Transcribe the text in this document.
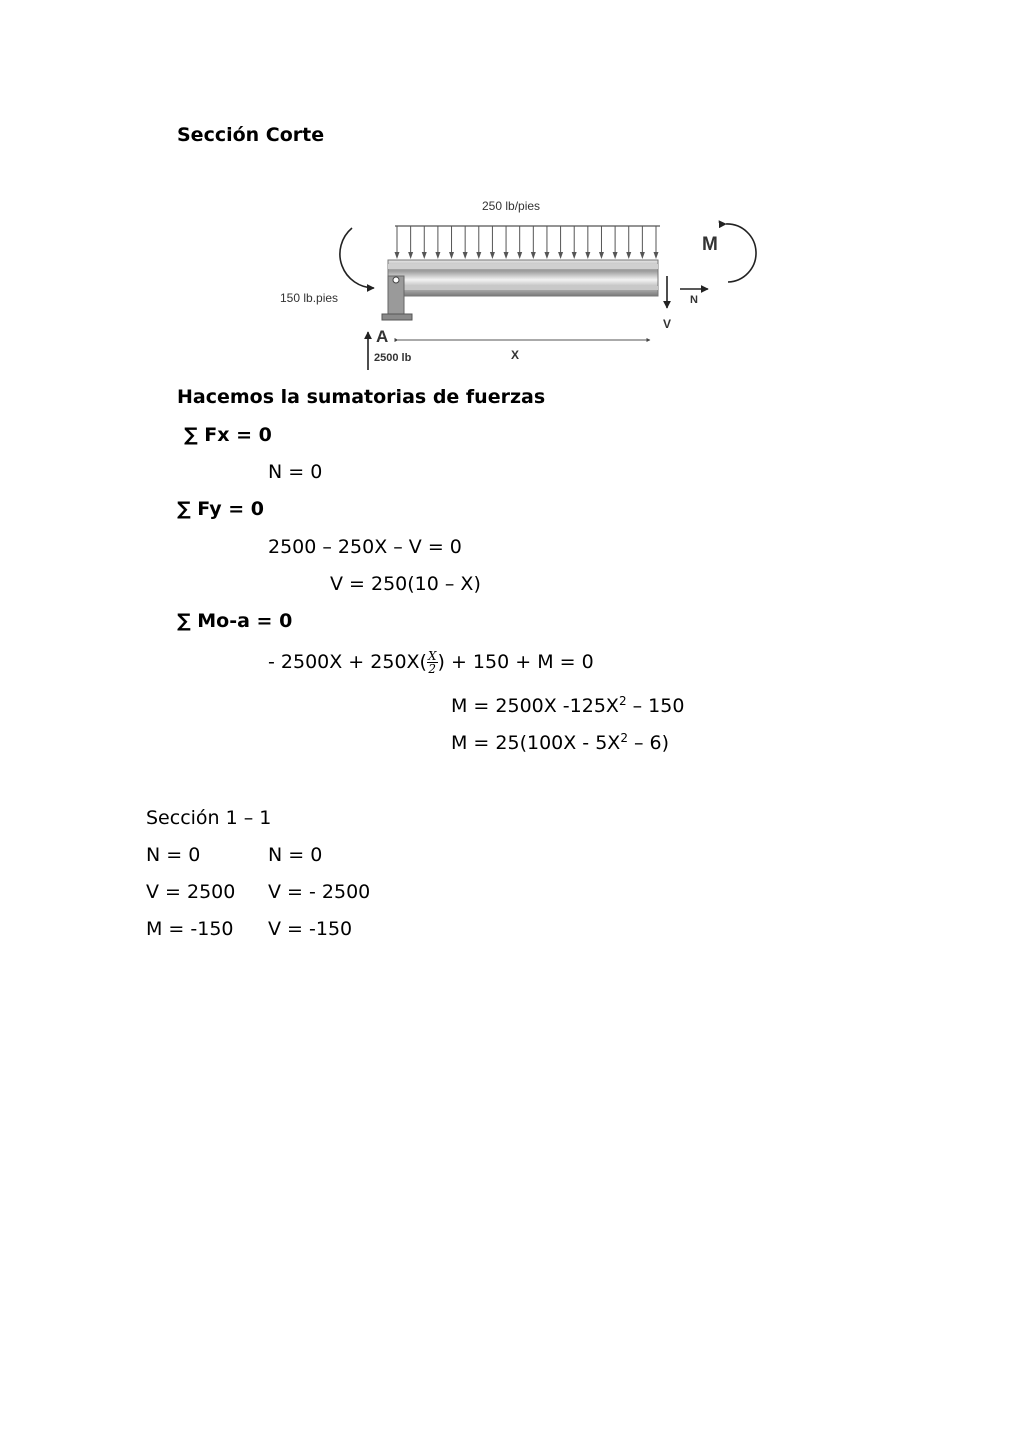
Sección Corte
250 lb/pies
150 lb.pies
V
N
M
A
2500 lb	X
Hacemos la sumatorias de fuerzas
∑ Fx = 0
N = 0
∑ Fy = 0
2500 – 250X – V = 0
V = 250(10 – X)
∑ Mo-a = 0
- $2500X + 250X( \frac{X}{2}$ ) + 150 + M = 0
M = 2500X $-125X^2 - 150$
$M = 25(100X - 5X^2 - 6)$
Sección 1 – 1
N = 0	N = 0
V = 2500 V = - 2500
M = -150 V = -150
